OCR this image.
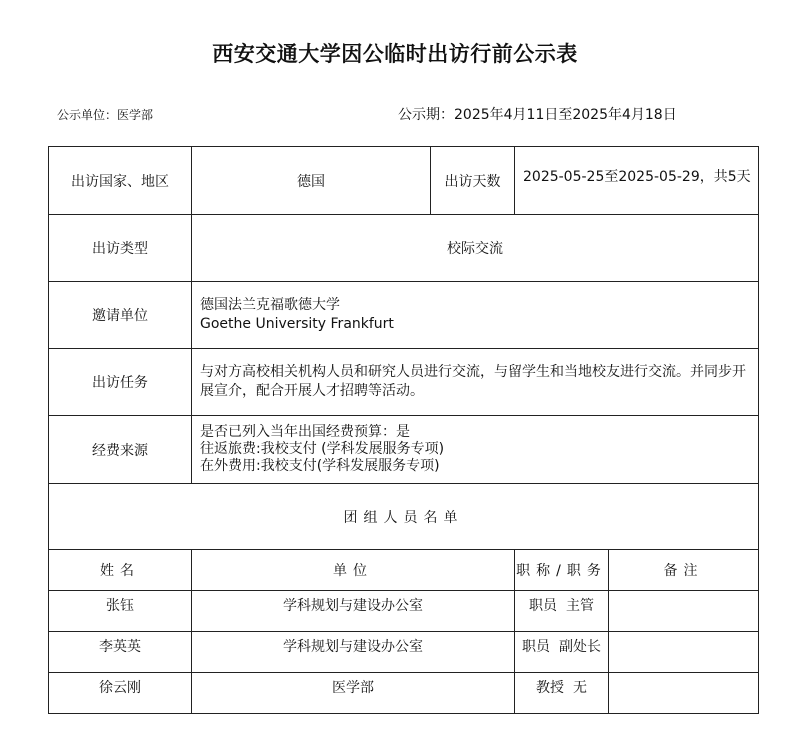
西安交通大学因公临时出访行前公示表
公示单位：医学部	公示期：2025年4月11日至2025年4月18日
出访国家、地区	德国	出访天数	2025-05-25至2025-05-29，共5天	
出访类型	校际交流			
邀请单位	德国法兰克福歌德大学
Goethe University Frankfurt			

出访任务	与对方高校相关机构人员和研究人员进行交流，与留学生和当地校友进行交流。并同步开展宣介，配合开展人才招聘等活动。			
经费来源	是否已列入当年出国经费预算：是
往返旅费:我校支付 (学科发展服务专项)
在外费用:我校支付(学科发展服务专项)			

团组人员名单				
姓名	单位		职称/职务	备注
张钰	学科规划与建设办公室		职员  主管	
李英英	学科规划与建设办公室		职员  副处长	
徐云刚	医学部		教授  无	
